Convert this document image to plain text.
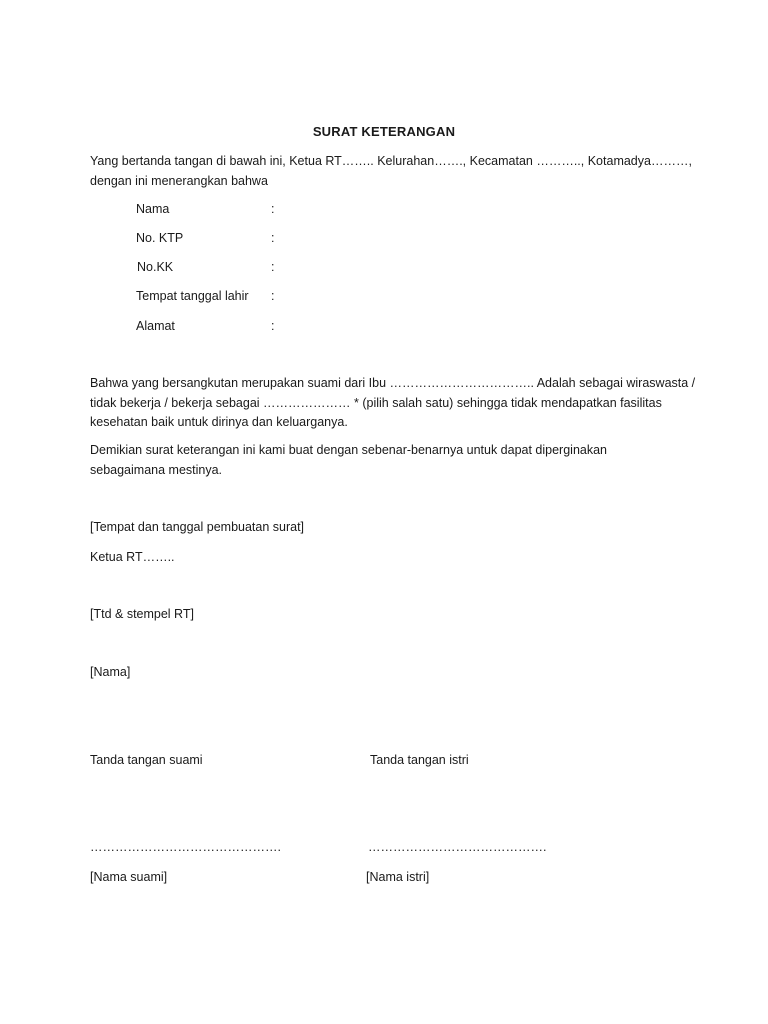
SURAT KETERANGAN
Yang bertanda tangan di bawah ini, Ketua RT…….. Kelurahan……., Kecamatan ……….., Kotamadya………,
dengan ini menerangkan bahwa
Nama	:
No. KTP	:
No.KK	:
Tempat tanggal lahir :
Alamat	:
Bahwa yang bersangkutan merupakan suami dari Ibu …………………………….. Adalah sebagai wiraswasta /
tidak bekerja / bekerja sebagai ………………… * (pilih salah satu) sehingga tidak mendapatkan fasilitas
kesehatan baik untuk dirinya dan keluarganya.
Demikian surat keterangan ini kami buat dengan sebenar-benarnya untuk dapat diperginakan
sebagaimana mestinya.
[Tempat dan tanggal pembuatan surat]
Ketua RT……..
[Ttd & stempel RT]
[Nama]
Tanda tangan suami	Tanda tangan istri
……………………………………….	…………………………………….
[Nama suami]	[Nama istri]
